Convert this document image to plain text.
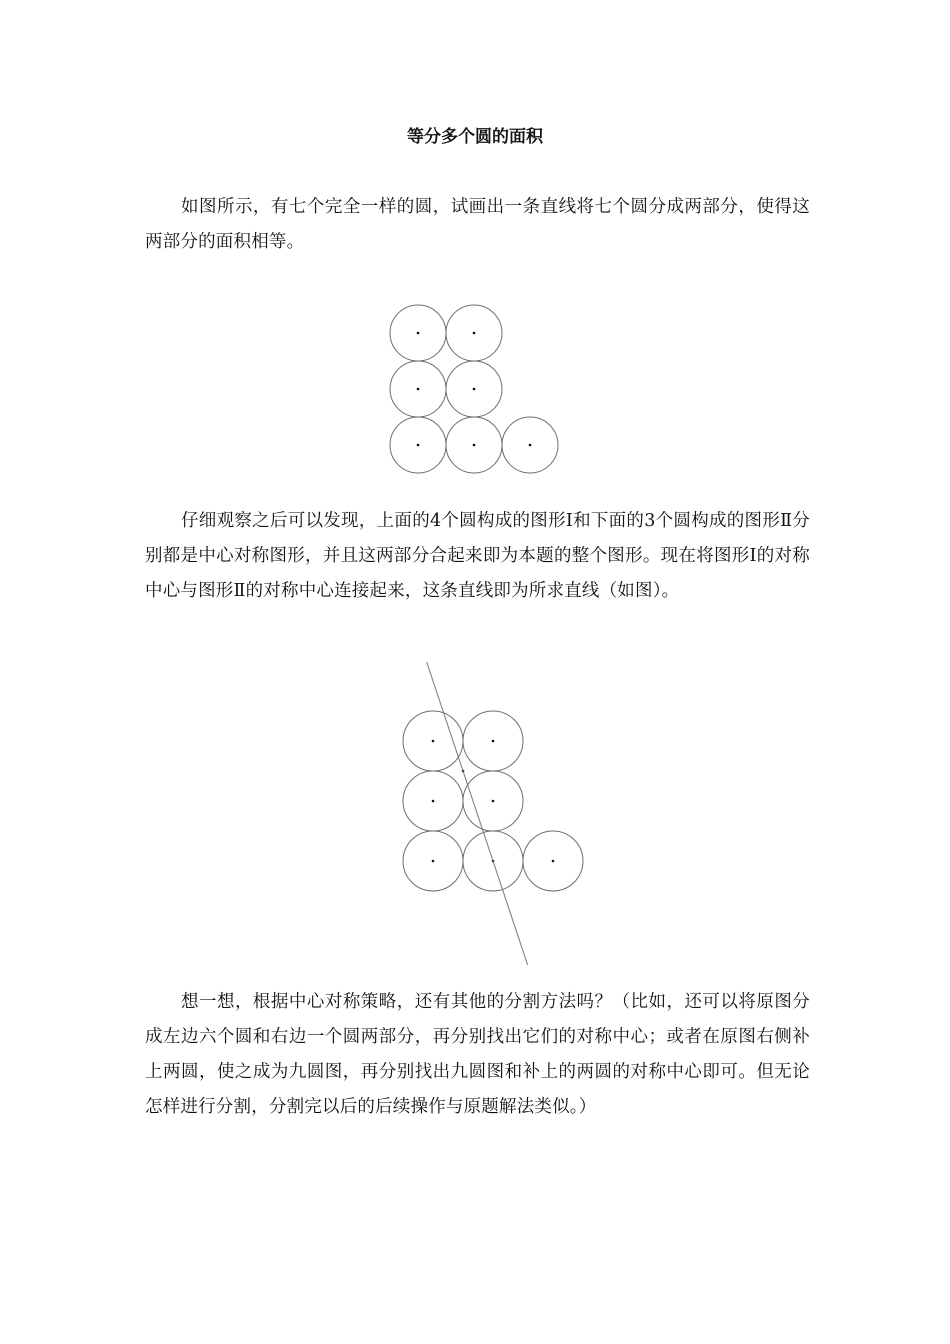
等分多个圆的面积

如图所示，有七个完全一样的圆，试画出一条直线将七个圆分成两部分，使得这两部分的面积相等。

仔细观察之后可以发现，上面的4个圆构成的图形Ⅰ和下面的3个圆构成的图形Ⅱ分别都是中心对称图形，并且这两部分合起来即为本题的整个图形。现在将图形Ⅰ的对称中心与图形Ⅱ的对称中心连接起来，这条直线即为所求直线（如图）。

想一想，根据中心对称策略，还有其他的分割方法吗？（比如，还可以将原图分成左边六个圆和右边一个圆两部分，再分别找出它们的对称中心；或者在原图右侧补上两圆，使之成为九圆图，再分别找出九圆图和补上的两圆的对称中心即可。但无论怎样进行分割，分割完以后的后续操作与原题解法类似。）
